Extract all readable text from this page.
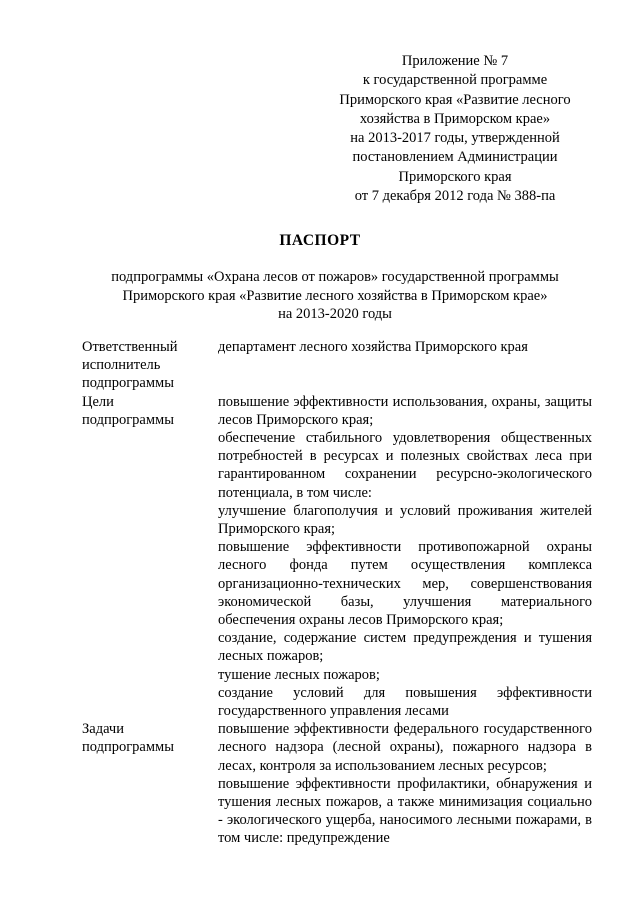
Приложение № 7
к государственной программе
Приморского края «Развитие лесного
хозяйства в Приморском крае»
на 2013-2017 годы, утвержденной
постановлением Администрации
Приморского края
от 7 декабря 2012 года № 388-па
ПАСПОРТ
подпрограммы «Охрана лесов от пожаров» государственной программы
Приморского края «Развитие лесного хозяйства в Приморском крае»
на 2013-2020 годы
Ответственный
исполнитель
подпрограммы
департамент лесного хозяйства Приморского края
Цели
подпрограммы
повышение эффективности использования, охраны, защиты лесов Приморского края;
обеспечение стабильного удовлетворения общественных потребностей в ресурсах и полезных свойствах леса при гарантированном сохранении ресурсно-экологического потенциала, в том числе:
улучшение благополучия и условий проживания жителей Приморского края;
повышение эффективности противопожарной охраны лесного фонда путем осуществления комплекса организационно-технических мер, совершенствования экономической базы, улучшения материального обеспечения охраны лесов Приморского края;
создание, содержание систем предупреждения и тушения лесных пожаров;
тушение лесных пожаров;
создание условий для повышения эффективности государственного управления лесами
Задачи
подпрограммы
повышение эффективности федерального государственного лесного надзора (лесной охраны), пожарного надзора в лесах, контроля за использованием лесных ресурсов;
повышение эффективности профилактики, обнаружения и тушения лесных пожаров, а также минимизация социально - экологического ущерба, наносимого лесными пожарами, в том числе: предупреждение
